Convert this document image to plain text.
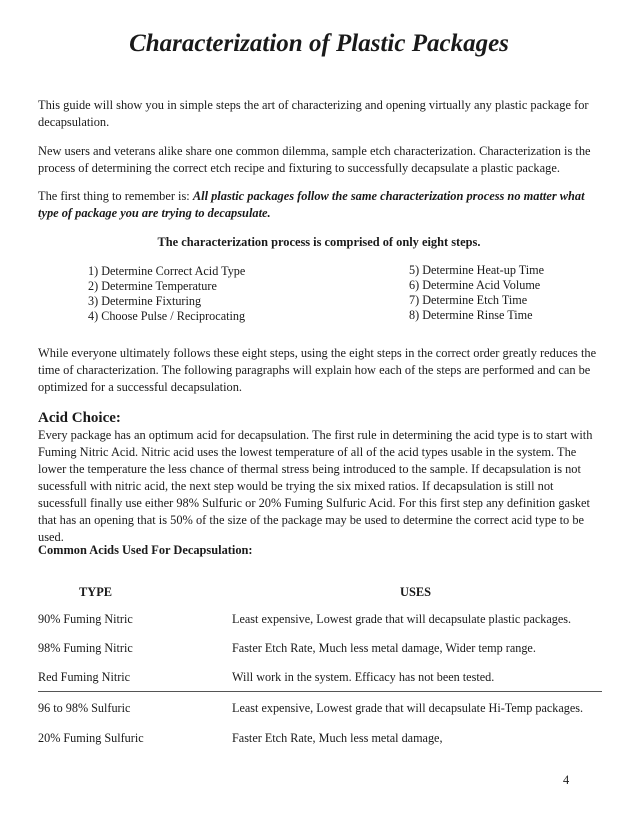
Characterization of Plastic Packages
This guide will show you in simple steps the art of characterizing and opening virtually any plastic package for decapsulation.
New users and veterans alike share one common dilemma, sample etch characterization. Characterization is the process of determining the correct etch recipe and fixturing to successfully decapsulate a plastic package.
The first thing to remember is: All plastic packages follow the same characterization process no matter what type of package you are trying to decapsulate.
The characterization process is comprised of only eight steps.
1) Determine Correct Acid Type
2) Determine Temperature
3) Determine Fixturing
4) Choose Pulse / Reciprocating
5) Determine Heat-up Time
6) Determine Acid Volume
7) Determine Etch Time
8) Determine Rinse Time
While everyone ultimately follows these eight steps, using the eight steps in the correct order greatly reduces the time of characterization. The following paragraphs will explain how each of the steps are performed and can be optimized for a successful decapsulation.
Acid Choice:
Every package has an optimum acid for decapsulation. The first rule in determining the acid type is to start with Fuming Nitric Acid. Nitric acid uses the lowest temperature of all of the acid types usable in the system. The lower the temperature the less chance of thermal stress being introduced to the sample. If decapsulation is not sucessfull with nitric acid, the next step would be trying the six mixed ratios. If decapsulation is still not sucessfull finally use either 98% Sulfuric or 20% Fuming Sulfuric Acid. For this first step any definition gasket that has an opening that is 50% of the size of the package may be used to determine the correct acid type to be used.
Common Acids Used For Decapsulation:
TYPE	USES
90% Fuming Nitric	Least expensive, Lowest grade that will decapsulate plastic packages.
98% Fuming Nitric	Faster Etch Rate, Much less metal damage, Wider temp range.
Red Fuming Nitric	Will work in the system. Efficacy has not been tested.
96 to 98% Sulfuric	Least expensive, Lowest grade that will decapsulate Hi-Temp packages.
20% Fuming Sulfuric	Faster Etch Rate, Much less metal damage,
4
